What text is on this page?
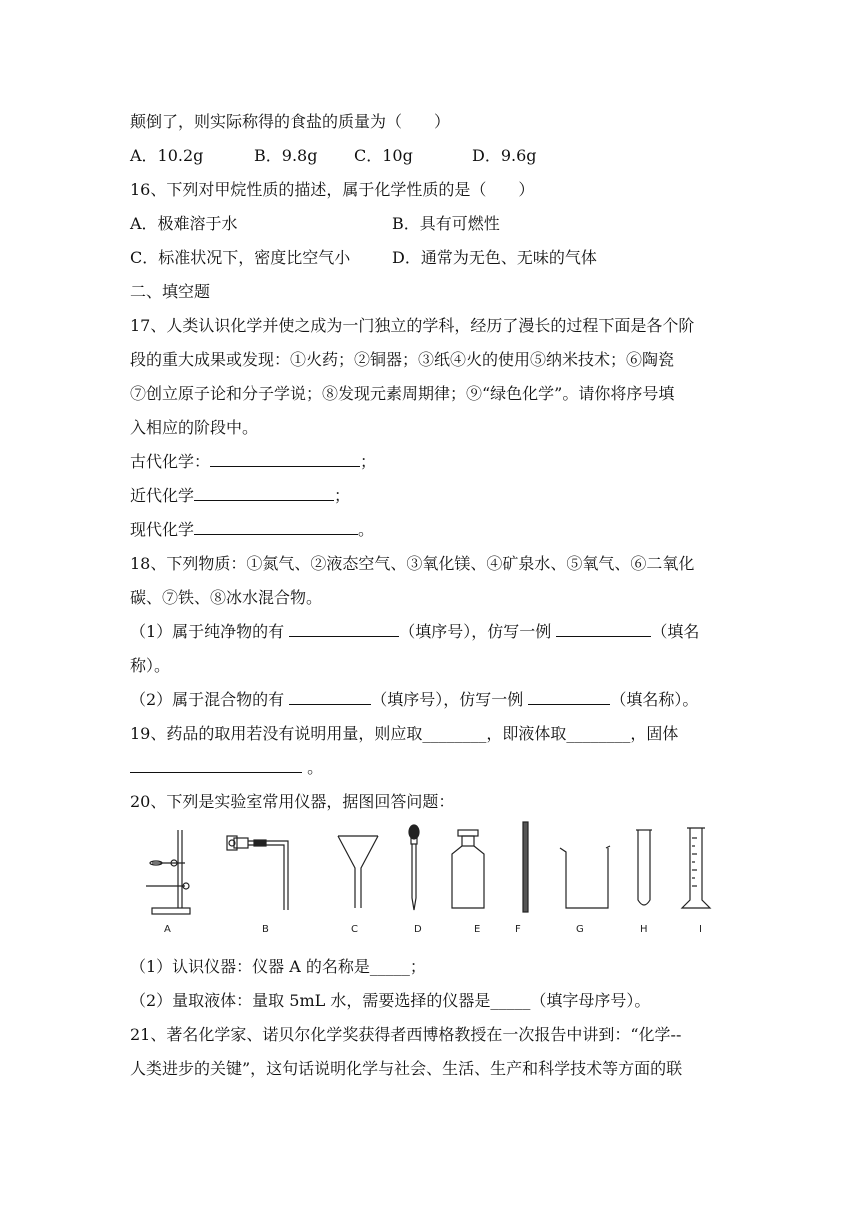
颠倒了，则实际称得的食盐的质量为（　　）
A．10.2g	B．9.8g C．10g	D．9.6g
16、下列对甲烷性质的描述，属于化学性质的是（　　）
A．极难溶于水	B．具有可燃性
C．标准状况下，密度比空气小	D．通常为无色、无味的气体
二、填空题
17、人类认识化学并使之成为一门独立的学科，经历了漫长的过程下面是各个阶
段的重大成果或发现：①火药；②铜器；③纸④火的使用⑤纳米技术；⑥陶瓷
⑦创立原子论和分子学说；⑧发现元素周期律；⑨“绿色化学”。请你将序号填
入相应的阶段中。
古代化学：	；
近代化学	；
现代化学	。
18、下列物质：①氮气、②液态空气、③氧化镁、④矿泉水、⑤氧气、⑥二氧化
碳、⑦铁、⑧冰水混合物。
（1）属于纯净物的有	（填序号），仿写一例	（填名
称）。
（2）属于混合物的有	（填序号），仿写一例	（填名称）。
19、药品的取用若没有说明用量，则应取________，即液体取________，固体
。
20、下列是实验室常用仪器，据图回答问题：
A	B	C	D	E	F	G	H	I
（1）认识仪器：仪器 A 的名称是_____；
（2）量取液体：量取 5mL 水，需要选择的仪器是_____（填字母序号）。
21、著名化学家、诺贝尔化学奖获得者西博格教授在一次报告中讲到：“化学--
人类进步的关键”，这句话说明化学与社会、生活、生产和科学技术等方面的联
